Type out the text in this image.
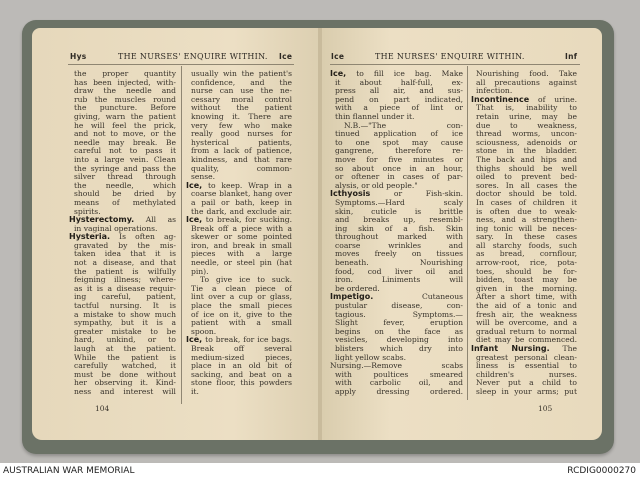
Hys	THE NURSES' ENQUIRE WITHIN. Ice
the proper quantity
has been injected, with-
draw the needle and
rub the muscles round
the puncture. Before
giving, warn the patient
he will feel the prick,
and not to move, or the
needle may break. Be
careful not to pass it
into a large vein. Clean
the syringe and pass the
silver thread through
the needle, which
should be dried by
means of methylated
spirits.
Hysterectomy. All as
in vaginal operations.
Hysteria. Is often ag-
gravated by the mis-
taken idea that it is
not a disease, and that
the patient is wilfully
feigning illness; where-
as it is a disease requir-
ing careful, patient,
tactful nursing. It is
a mistake to show much
sympathy, but it is a
greater mistake to be
hard, unkind, or to
laugh at the patient.
While the patient is
carefully watched, it
must be done without
her observing it. Kind-
ness and interest will
usually win the patient's
confidence, and the
nurse can use the ne-
cessary moral control
without the patient
knowing it. There are
very few who make
really good nurses for
hysterical patients,
from a lack of patience,
kindness, and that rare
quality, common-
sense.
Ice, to keep. Wrap in a
coarse blanket, hang over
a pail or bath, keep in
the dark, and exclude air.
Ice, to break, for sucking.
Break off a piece with a
skewer or some pointed
iron, and break in small
pieces with a large
needle, or steel pin (hat
pin).
To give ice to suck.
Tie a clean piece of
lint over a cup or glass,
place the small pieces
of ice on it, give to the
patient with a small
spoon.
Ice, to break, for ice bags.
Break off several
medium-sized pieces,
place in an old bit of
sacking, and beat on a
stone floor, this powders
it.
104
Ice	THE NURSES' ENQUIRE WITHIN.	Inf
Ice, to fill ice bag. Make
it about half-full, ex-
press all air, and sus-
pend on part indicated,
with a piece of lint or
thin flannel under it.
N.B.—"The con-
tinued application of ice
to one spot may cause
gangrene, therefore re-
move for five minutes or
so about once in an hour,
or oftener in cases of par-
alysis, or old people."
Icthyosis or Fish-skin.
Symptoms.—Hard scaly
skin, cuticle is brittle
and breaks up, resembl-
ing skin of a fish. Skin
throughout marked with
coarse wrinkles and
moves freely on tissues
beneath. Nourishing
food, cod liver oil and
iron. Liniments will
be ordered.
Impetigo. Cutaneous
pustular disease, con-
tagious. Symptoms.—
Slight fever, eruption
begins on the face as
vesicles, developing into
blisters which dry into
light yellow scabs.
Nursing.—Remove scabs
with poultices smeared
with carbolic oil, and
apply dressing ordered.
Nourishing food. Take
all precautions against
infection.
Incontinence of urine.
That is, inability to
retain urine, may be
due to weakness,
thread worms, uncon-
sciousness, adenoids or
stone in the bladder.
The back and hips and
thighs should be well
oiled to prevent bed-
sores. In all cases the
doctor should be told.
In cases of children it
is often due to weak-
ness, and a strengthen-
ing tonic will be neces-
sary. In these cases
all starchy foods, such
as bread, cornflour,
arrow-root, rice, pota-
toes, should be for-
bidden, toast may be
given in the morning.
After a short time, with
the aid of a tonic and
fresh air, the weakness
will be overcome, and a
gradual return to normal
diet may be commenced.
Infant Nursing. The
greatest personal clean-
liness is essential to
children's nurses.
Never put a child to
sleep in your arms; put
105
AUSTRALIAN WAR MEMORIAL	RCDIG0000270
